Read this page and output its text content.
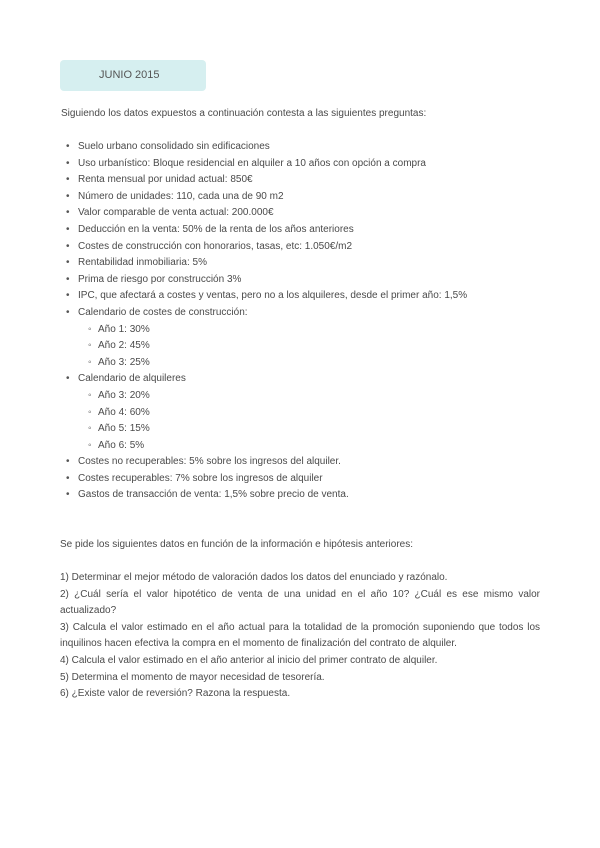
JUNIO 2015
Siguiendo los datos expuestos a continuación contesta a las siguientes preguntas:
• Suelo urbano consolidado sin edificaciones
• Uso urbanístico: Bloque residencial en alquiler a 10 años con opción a compra
• Renta mensual por unidad actual: 850€
• Número de unidades: 110, cada una de 90 m2
• Valor comparable de venta actual: 200.000€
• Deducción en la venta: 50% de la renta de los años anteriores
• Costes de construcción con honorarios, tasas, etc: 1.050€/m2
• Rentabilidad inmobiliaria: 5%
• Prima de riesgo por construcción 3%
• IPC, que afectará a costes y ventas, pero no a los alquileres, desde el primer año: 1,5%
• Calendario de costes de construcción:
◦ Año 1: 30%
◦ Año 2: 45%
◦ Año 3: 25%
• Calendario de alquileres
◦ Año 3: 20%
◦ Año 4: 60%
◦ Año 5: 15%
◦ Año 6: 5%
• Costes no recuperables: 5% sobre los ingresos del alquiler.
• Costes recuperables: 7% sobre los ingresos de alquiler
• Gastos de transacción de venta: 1,5% sobre precio de venta.
Se pide los siguientes datos en función de la información e hipótesis anteriores:
1) Determinar el mejor método de valoración dados los datos del enunciado y razónalo.
2) ¿Cuál sería el valor hipotético de venta de una unidad en el año 10? ¿Cuál es ese mismo valor actualizado?
3) Calcula el valor estimado en el año actual para la totalidad de la promoción suponiendo que todos los inquilinos hacen efectiva la compra en el momento de finalización del contrato de alquiler.
4) Calcula el valor estimado en el año anterior al inicio del primer contrato de alquiler.
5) Determina el momento de mayor necesidad de tesorería.
6) ¿Existe valor de reversión? Razona la respuesta.
